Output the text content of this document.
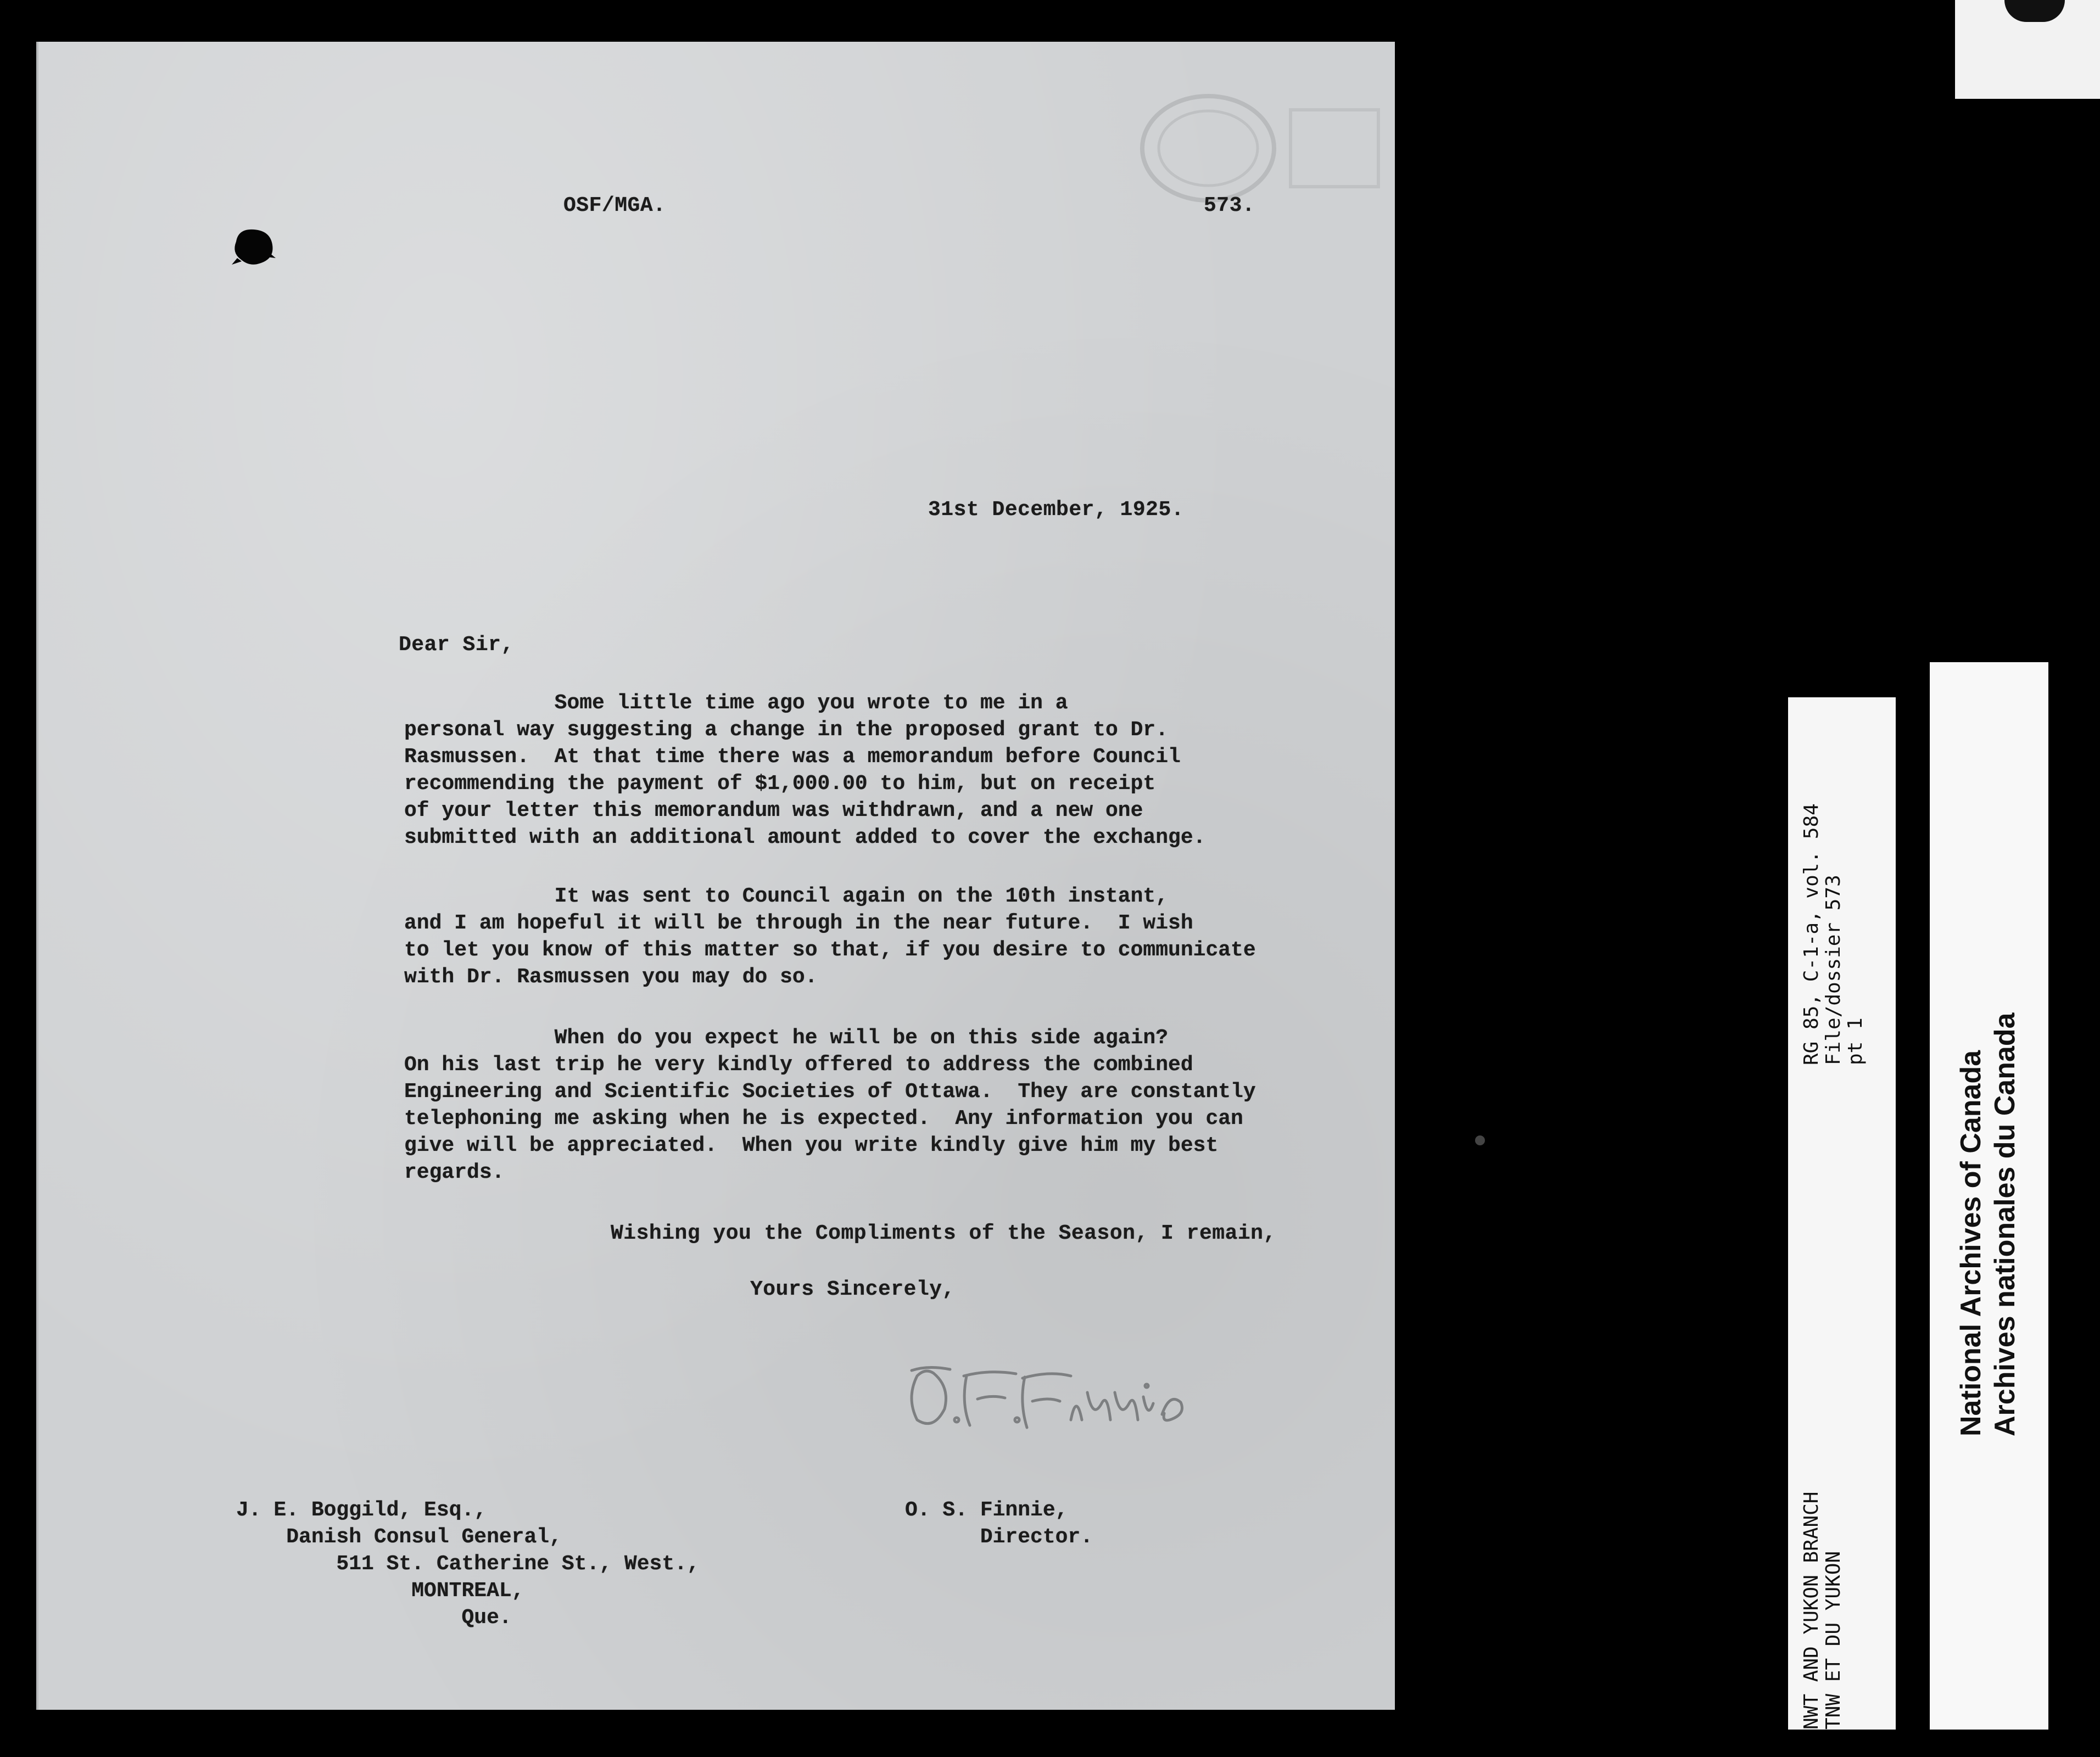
OSF/MGA.	573.
31st December, 1925.
Dear Sir,
Some little time ago you wrote to me in a
personal way suggesting a change in the proposed grant to Dr.
Rasmussen.  At that time there was a memorandum before Council
recommending the payment of $1,000.00 to him, but on receipt
of your letter this memorandum was withdrawn, and a new one
submitted with an additional amount added to cover the exchange.
It was sent to Council again on the 10th instant,
and I am hopeful it will be through in the near future.  I wish
to let you know of this matter so that, if you desire to communicate
with Dr. Rasmussen you may do so.
When do you expect he will be on this side again?
On his last trip he very kindly offered to address the combined
Engineering and Scientific Societies of Ottawa.  They are constantly
telephoning me asking when he is expected.  Any information you can
give will be appreciated.  When you write kindly give him my best
regards.
Wishing you the Compliments of the Season, I remain,
Yours Sincerely,
J. E. Boggild, Esq.,
Danish Consul General,
511 St. Catherine St., West.,
MONTREAL,
Que.
O. S. Finnie,
Director.	NWT AND YUKON BRANCH TNW ET DU YUKON
RG 85, C-1-a, vol. 584 File/dossier 573 pt 1
National Archives of Canada Archives nationales du Canada
